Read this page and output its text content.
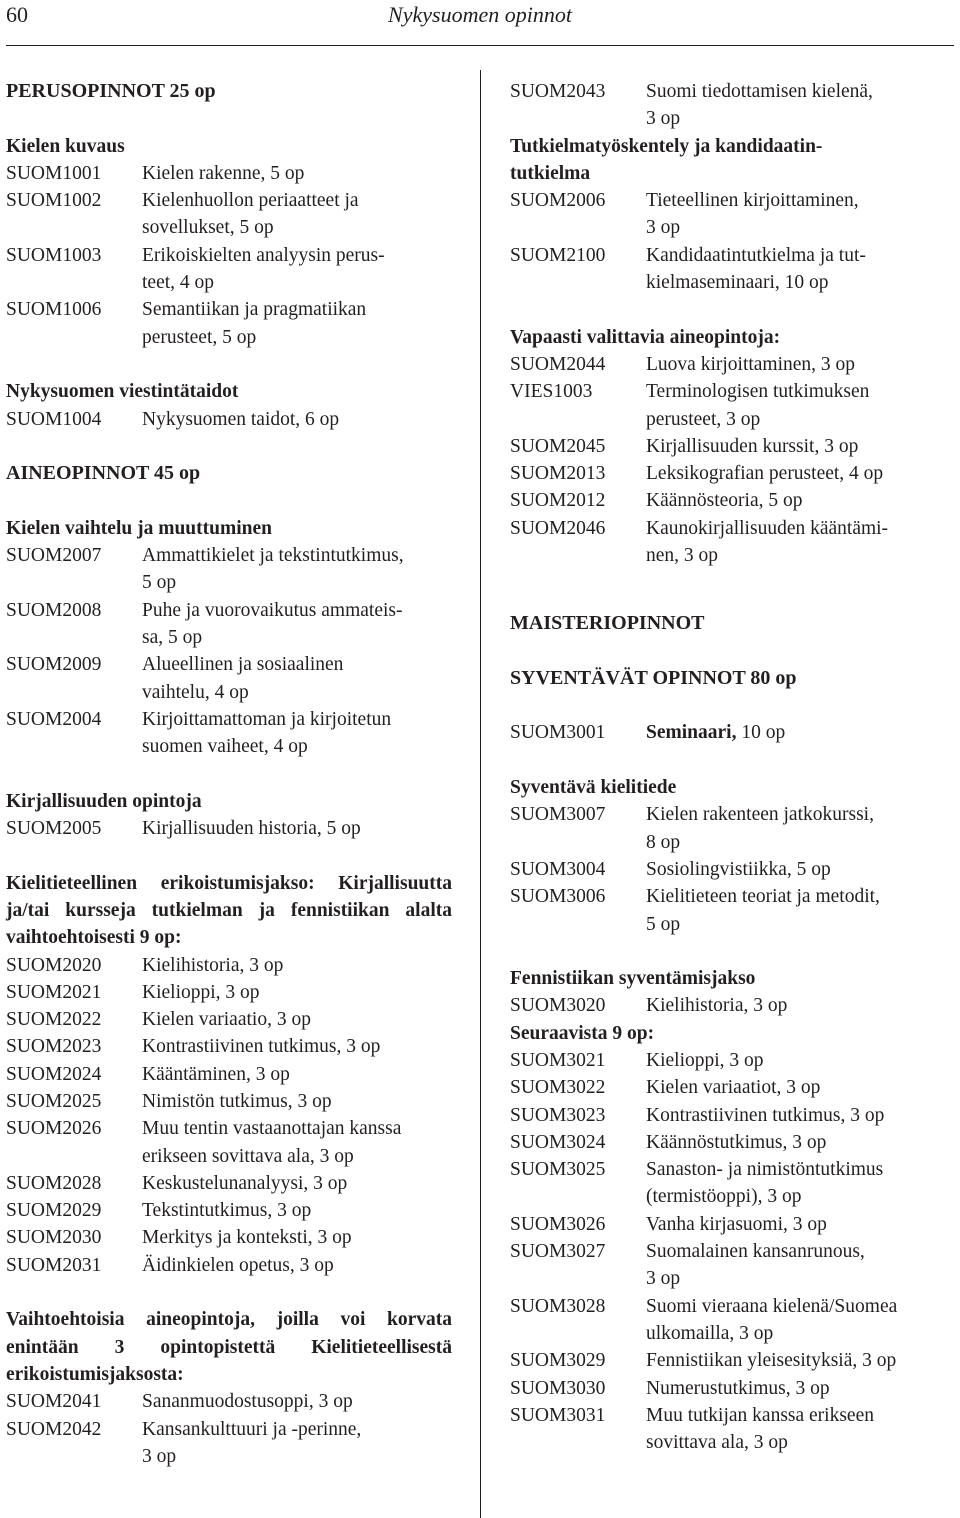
60	Nykysuomen opinnot
PERUSOPINNOT 25 op
Kielen kuvaus
SUOM1001	Kielen rakenne, 5 op
SUOM1002	Kielenhuollon periaatteet ja
sovellukset, 5 op
SUOM1003	Erikoiskielten analyysin perus-
teet, 4 op
SUOM1006	Semantiikan ja pragmatiikan
perusteet, 5 op
Nykysuomen viestintätaidot
SUOM1004	Nykysuomen taidot, 6 op
AINEOPINNOT 45 op
Kielen vaihtelu ja muuttuminen
SUOM2007	Ammattikielet ja tekstintutkimus,
5 op
SUOM2008	Puhe ja vuorovaikutus ammateis-
sa, 5 op
SUOM2009	Alueellinen ja sosiaalinen
vaihtelu, 4 op
SUOM2004	Kirjoittamattoman ja kirjoitetun
suomen vaiheet, 4 op
Kirjallisuuden opintoja
SUOM2005	Kirjallisuuden historia, 5 op
Kielitieteellinen erikoistumisjakso: Kirjallisuutta ja/tai kursseja tutkielman ja fennistiikan alalta vaihtoehtoisesti 9 op:
SUOM2020	Kielihistoria, 3 op
SUOM2021	Kielioppi, 3 op
SUOM2022	Kielen variaatio, 3 op
SUOM2023	Kontrastiivinen tutkimus, 3 op
SUOM2024	Kääntäminen, 3 op
SUOM2025	Nimistön tutkimus, 3 op
SUOM2026	Muu tentin vastaanottajan kanssa
erikseen sovittava ala, 3 op
SUOM2028	Keskustelunanalyysi, 3 op
SUOM2029	Tekstintutkimus, 3 op
SUOM2030	Merkitys ja konteksti, 3 op
SUOM2031	Äidinkielen opetus, 3 op
Vaihtoehtoisia aineopintoja, joilla voi korvata enintään 3 opintopistettä Kielitieteellisestä erikoistumisjaksosta:
SUOM2041	Sananmuodostusoppi, 3 op
SUOM2042	Kansankulttuuri ja -perinne,
3 op
SUOM2043	Suomi tiedottamisen kielenä,
3 op
Tutkielmatyöskentely ja kandidaatin-
tutkielma
SUOM2006	Tieteellinen kirjoittaminen,
3 op
SUOM2100	Kandidaatintutkielma ja tut-
kielmaseminaari, 10 op
Vapaasti valittavia aineopintoja:
SUOM2044	Luova kirjoittaminen, 3 op
VIES1003	Terminologisen tutkimuksen
perusteet, 3 op
SUOM2045	Kirjallisuuden kurssit, 3 op
SUOM2013	Leksikografian perusteet, 4 op
SUOM2012	Käännösteoria, 5 op
SUOM2046	Kaunokirjallisuuden kääntämi-
nen, 3 op
MAISTERIOPINNOT
SYVENTÄVÄT OPINNOT 80 op
SUOM3001	Seminaari, 10 op
Syventävä kielitiede
SUOM3007	Kielen rakenteen jatkokurssi,
8 op
SUOM3004	Sosiolingvistiikka, 5 op
SUOM3006	Kielitieteen teoriat ja metodit,
5 op
Fennistiikan syventämisjakso
SUOM3020	Kielihistoria, 3 op
Seuraavista 9 op:
SUOM3021	Kielioppi, 3 op
SUOM3022	Kielen variaatiot, 3 op
SUOM3023	Kontrastiivinen tutkimus, 3 op
SUOM3024	Käännöstutkimus, 3 op
SUOM3025	Sanaston- ja nimistöntutkimus
(termistöoppi), 3 op
SUOM3026	Vanha kirjasuomi, 3 op
SUOM3027	Suomalainen kansanrunous,
3 op
SUOM3028	Suomi vieraana kielenä/Suomea
ulkomailla, 3 op
SUOM3029	Fennistiikan yleisesityksiä, 3 op
SUOM3030	Numerustutkimus, 3 op
SUOM3031	Muu tutkijan kanssa erikseen
sovittava ala, 3 op
